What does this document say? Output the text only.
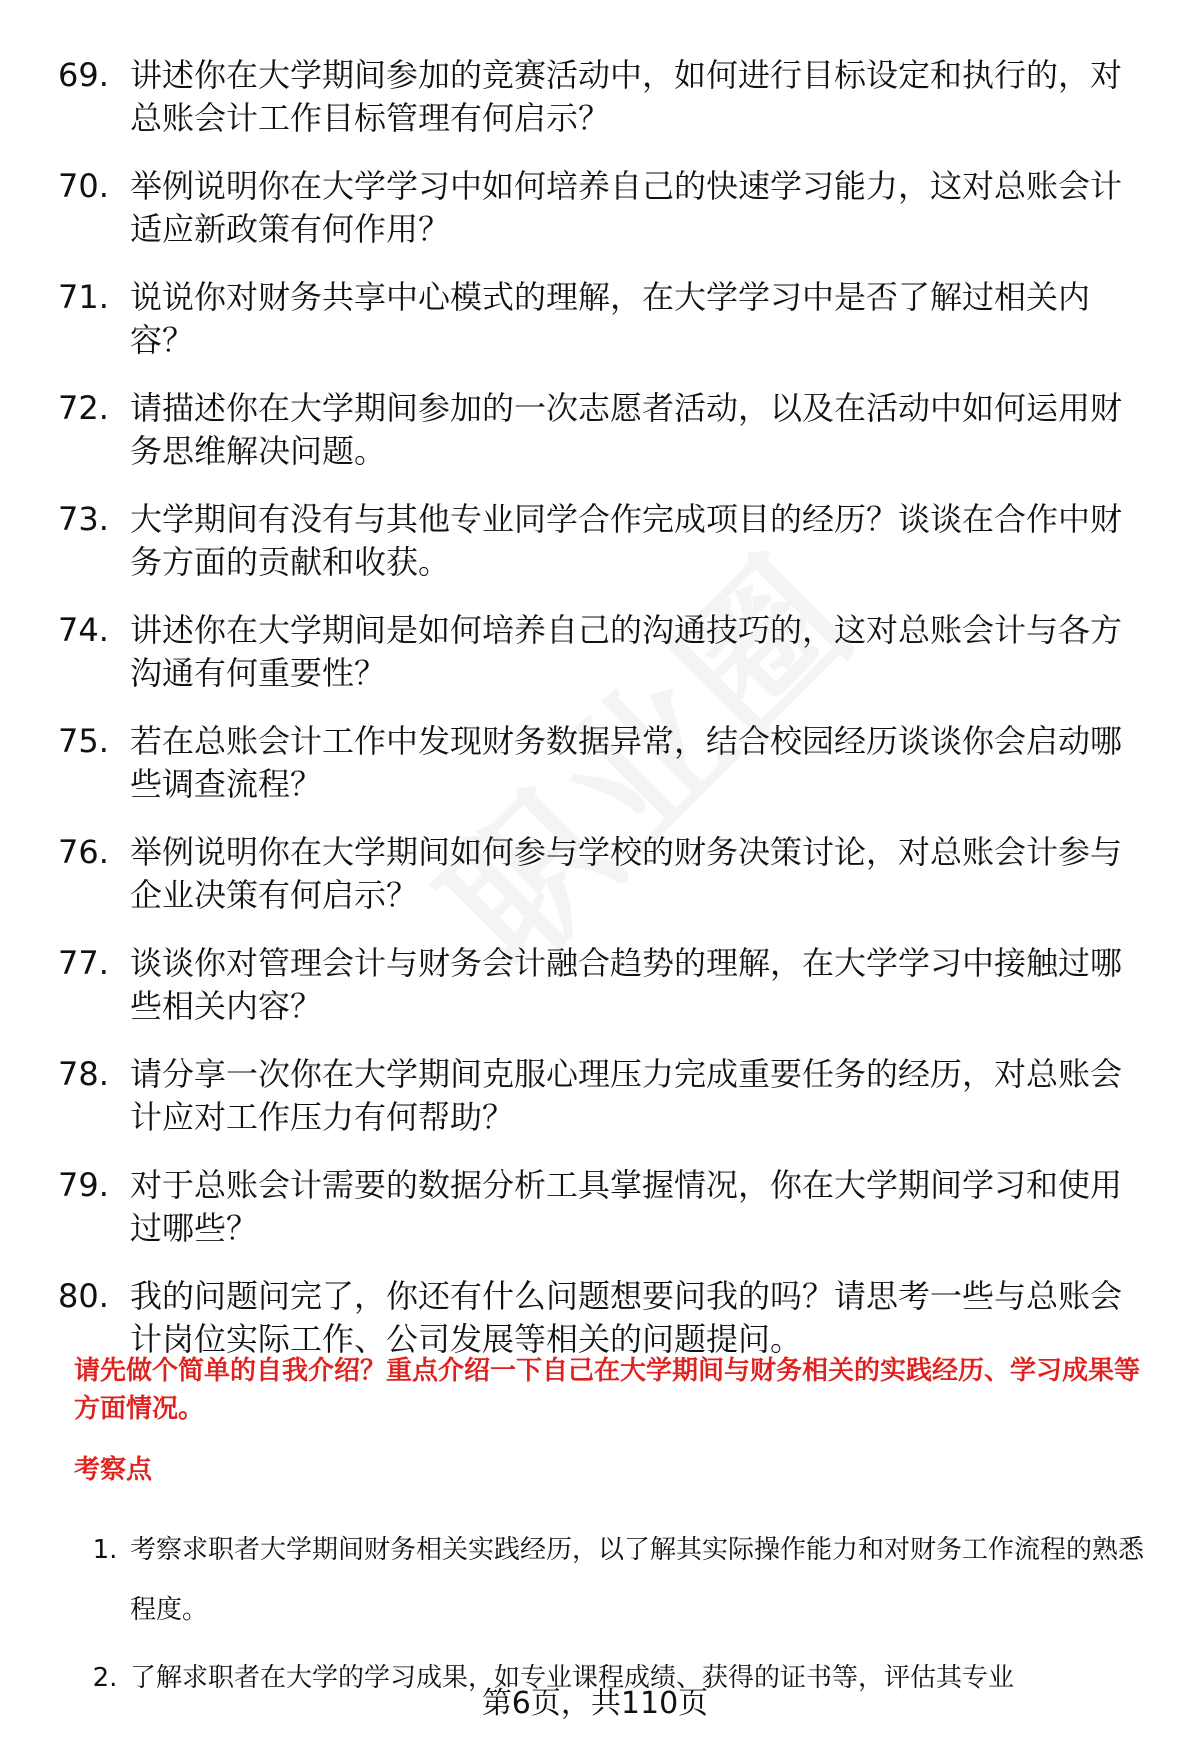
69. 讲述你在大学期间参加的竞赛活动中，如何进行目标设定和执行的，对总账会计工作目标管理有何启示？
70. 举例说明你在大学学习中如何培养自己的快速学习能力，这对总账会计适应新政策有何作用？
71. 说说你对财务共享中心模式的理解，在大学学习中是否了解过相关内容？
72. 请描述你在大学期间参加的一次志愿者活动，以及在活动中如何运用财务思维解决问题。
73. 大学期间有没有与其他专业同学合作完成项目的经历？谈谈在合作中财务方面的贡献和收获。
74. 讲述你在大学期间是如何培养自己的沟通技巧的，这对总账会计与各方沟通有何重要性？
75. 若在总账会计工作中发现财务数据异常，结合校园经历谈谈你会启动哪些调查流程？
76. 举例说明你在大学期间如何参与学校的财务决策讨论，对总账会计参与企业决策有何启示？
77. 谈谈你对管理会计与财务会计融合趋势的理解，在大学学习中接触过哪些相关内容？
78. 请分享一次你在大学期间克服心理压力完成重要任务的经历，对总账会计应对工作压力有何帮助？
79. 对于总账会计需要的数据分析工具掌握情况，你在大学期间学习和使用过哪些？
80. 我的问题问完了，你还有什么问题想要问我的吗？请思考一些与总账会计岗位实际工作、公司发展等相关的问题提问。
请先做个简单的自我介绍？重点介绍一下自己在大学期间与财务相关的实践经历、学习成果等方面情况。
考察点
1. 考察求职者大学期间财务相关实践经历，以了解其实际操作能力和对财务工作流程的熟悉程度。
2. 了解求职者在大学的学习成果，如专业课程成绩、获得的证书等，评估其专业
第6页，共110页
